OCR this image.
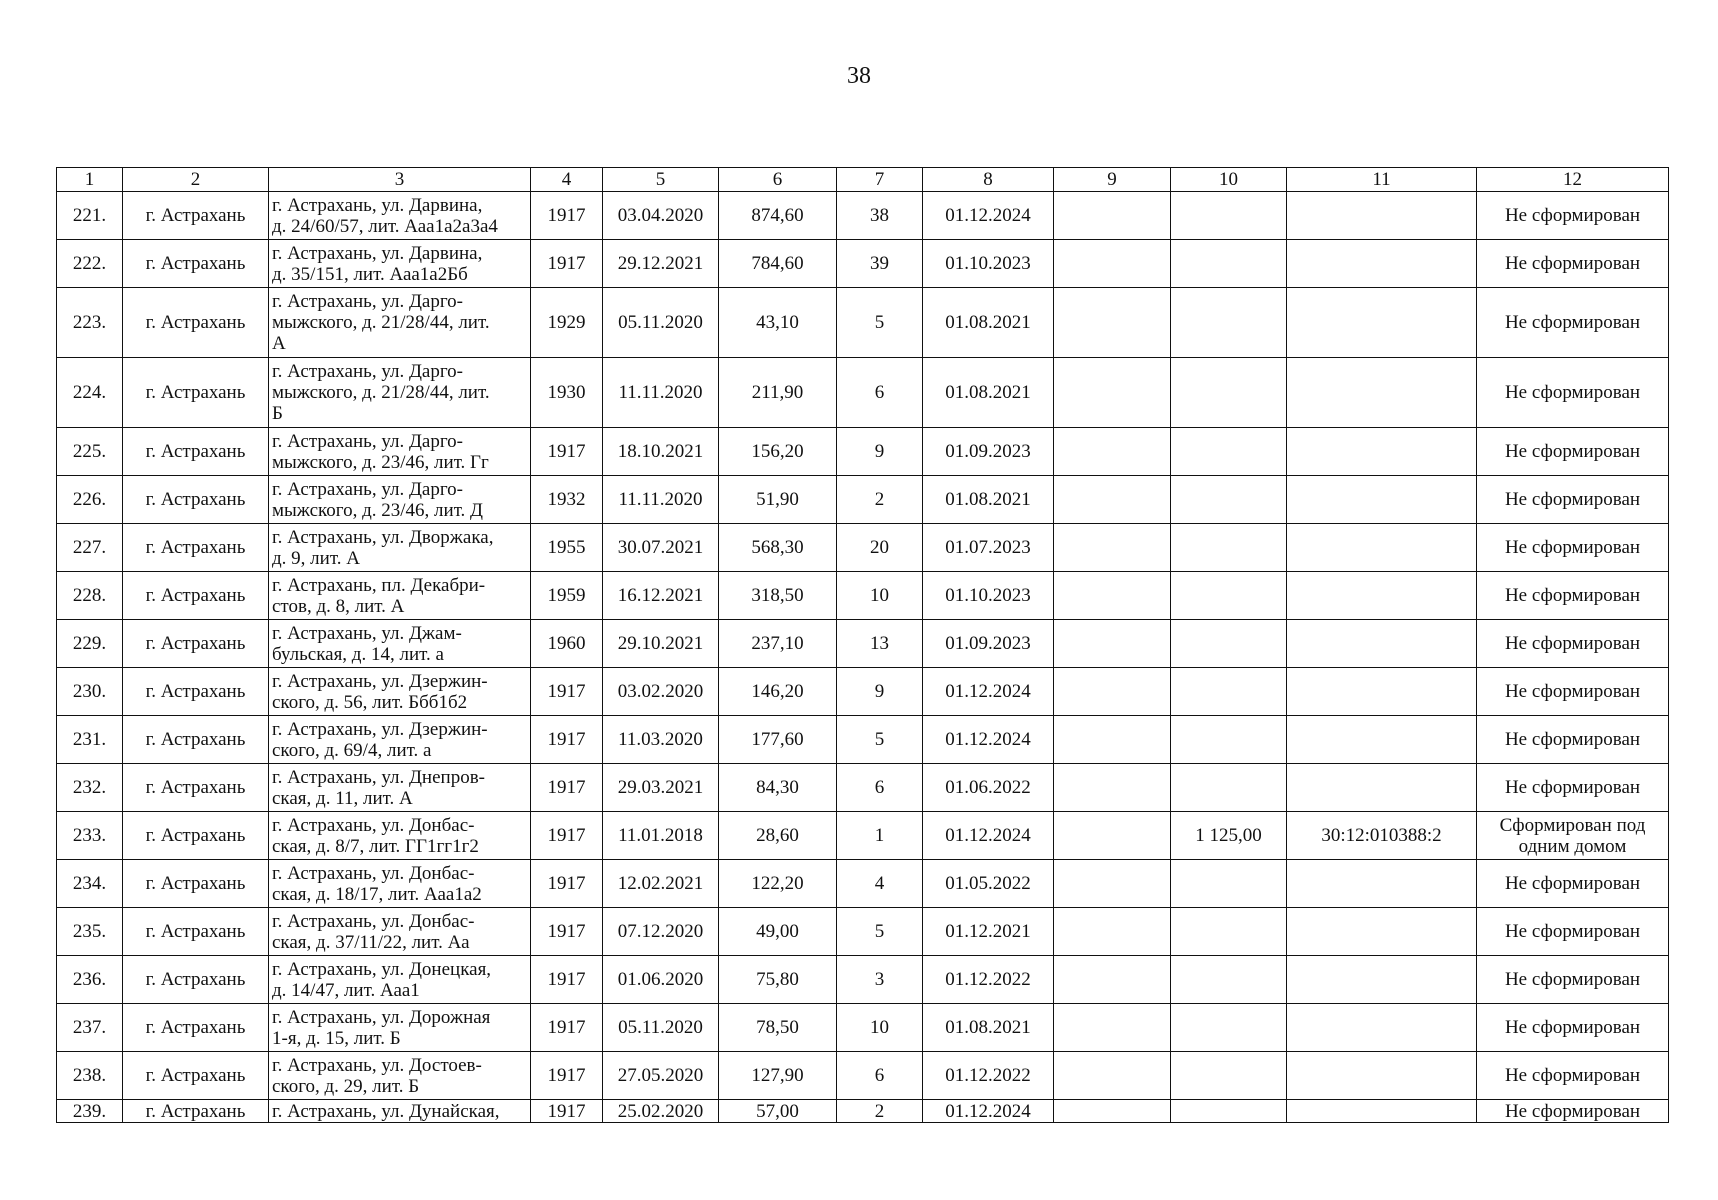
38
1	2	3	4	5	6	7	8	9	10	11	12
221.	г. Астрахань	г. Астрахань, ул. Дарвина,
д. 24/60/57, лит. Ааа1а2а3а4	1917	03.04.2020	874,60	38	01.12.2024				Не сформирован
222.	г. Астрахань	г. Астрахань, ул. Дарвина,
д. 35/151, лит. Ааа1а2Бб	1917	29.12.2021	784,60	39	01.10.2023				Не сформирован
223.	г. Астрахань	г. Астрахань, ул. Дарго-
мыжского, д. 21/28/44, лит.
А	1929	05.11.2020	43,10	5	01.08.2021				Не сформирован
224.	г. Астрахань	г. Астрахань, ул. Дарго-
мыжского, д. 21/28/44, лит.
Б	1930	11.11.2020	211,90	6	01.08.2021				Не сформирован
225.	г. Астрахань	г. Астрахань, ул. Дарго-
мыжского, д. 23/46, лит. Гг	1917	18.10.2021	156,20	9	01.09.2023				Не сформирован
226.	г. Астрахань	г. Астрахань, ул. Дарго-
мыжского, д. 23/46, лит. Д	1932	11.11.2020	51,90	2	01.08.2021				Не сформирован
227.	г. Астрахань	г. Астрахань, ул. Дворжака,
д. 9, лит. А	1955	30.07.2021	568,30	20	01.07.2023				Не сформирован
228.	г. Астрахань	г. Астрахань, пл. Декабри-
стов, д. 8, лит. А	1959	16.12.2021	318,50	10	01.10.2023				Не сформирован
229.	г. Астрахань	г. Астрахань, ул. Джам-
бульская, д. 14, лит. а	1960	29.10.2021	237,10	13	01.09.2023				Не сформирован
230.	г. Астрахань	г. Астрахань, ул. Дзержин-
ского, д. 56, лит. Ббб1б2	1917	03.02.2020	146,20	9	01.12.2024				Не сформирован
231.	г. Астрахань	г. Астрахань, ул. Дзержин-
ского, д. 69/4, лит. а	1917	11.03.2020	177,60	5	01.12.2024				Не сформирован
232.	г. Астрахань	г. Астрахань, ул. Днепров-
ская, д. 11, лит. А	1917	29.03.2021	84,30	6	01.06.2022				Не сформирован
233.	г. Астрахань	г. Астрахань, ул. Донбас-
ская, д. 8/7, лит. ГГ1гг1г2	1917	11.01.2018	28,60	1	01.12.2024		1 125,00	30:12:010388:2	Сформирован под одним домом
234.	г. Астрахань	г. Астрахань, ул. Донбас-
ская, д. 18/17, лит. Ааа1а2	1917	12.02.2021	122,20	4	01.05.2022				Не сформирован
235.	г. Астрахань	г. Астрахань, ул. Донбас-
ская, д. 37/11/22, лит. Аа	1917	07.12.2020	49,00	5	01.12.2021				Не сформирован
236.	г. Астрахань	г. Астрахань, ул. Донецкая,
д. 14/47, лит. Ааа1	1917	01.06.2020	75,80	3	01.12.2022				Не сформирован
237.	г. Астрахань	г. Астрахань, ул. Дорожная
1-я, д. 15, лит. Б	1917	05.11.2020	78,50	10	01.08.2021				Не сформирован
238.	г. Астрахань	г. Астрахань, ул. Достоев-
ского, д. 29, лит. Б	1917	27.05.2020	127,90	6	01.12.2022				Не сформирован
239.	г. Астрахань	г. Астрахань, ул. Дунайская,	1917	25.02.2020	57,00	2	01.12.2024				Не сформирован
